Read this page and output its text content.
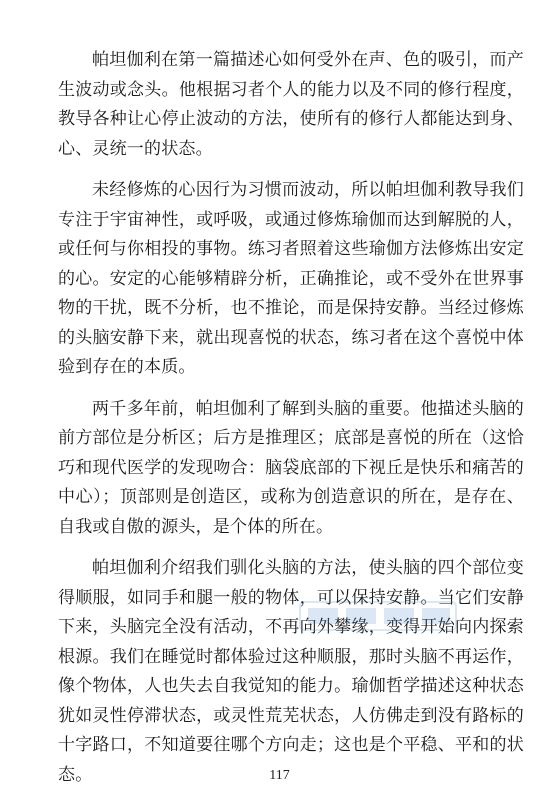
帕坦伽利在第一篇描述心如何受外在声、色的吸引，而产生波动或念头。他根据习者个人的能力以及不同的修行程度，教导各种让心停止波动的方法，使所有的修行人都能达到身、心、灵统一的状态。

未经修炼的心因行为习惯而波动，所以帕坦伽利教导我们专注于宇宙神性，或呼吸，或通过修炼瑜伽而达到解脱的人，或任何与你相投的事物。练习者照着这些瑜伽方法修炼出安定的心。安定的心能够精辟分析，正确推论，或不受外在世界事物的干扰，既不分析，也不推论，而是保持安静。当经过修炼的头脑安静下来，就出现喜悦的状态，练习者在这个喜悦中体验到存在的本质。

两千多年前，帕坦伽利了解到头脑的重要。他描述头脑的前方部位是分析区；后方是推理区；底部是喜悦的所在（这恰巧和现代医学的发现吻合：脑袋底部的下视丘是快乐和痛苦的中心）；顶部则是创造区，或称为创造意识的所在，是存在、自我或自傲的源头，是个体的所在。

帕坦伽利介绍我们驯化头脑的方法，使头脑的四个部位变得顺服，如同手和腿一般的物体，可以保持安静。当它们安静下来，头脑完全没有活动，不再向外攀缘，变得开始向内探索根源。我们在睡觉时都体验过这种顺服，那时头脑不再运作，像个物体，人也失去自我觉知的能力。瑜伽哲学描述这种状态犹如灵性停滞状态，或灵性荒芜状态，人仿佛走到没有路标的十字路口，不知道要往哪个方向走；这也是个平稳、平和的状态。	117
